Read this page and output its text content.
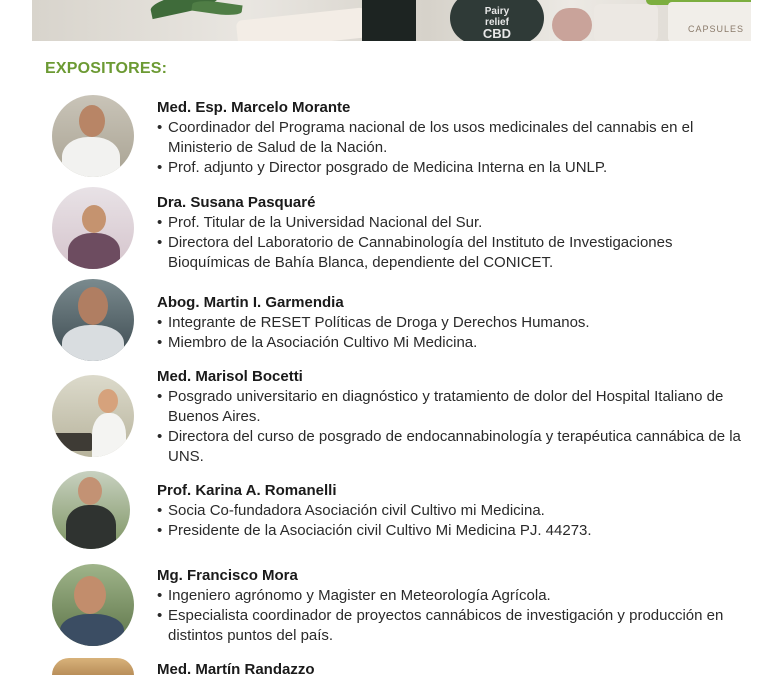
Pairy
relief
CBD	CAPSULES
EXPOSITORES:

Med. Esp. Marcelo Morante

• Coordinador del Programa nacional de los usos medicinales del cannabis en el Ministerio de Salud de la Nación.
• Prof. adjunto y Director posgrado de Medicina Interna en la UNLP.

Dra. Susana Pasquaré

• Prof. Titular de la Universidad Nacional del Sur.
• Directora del Laboratorio de Cannabinología del Instituto de Investigaciones Bioquímicas de Bahía Blanca, dependiente del CONICET.

Abog. Martin I. Garmendia

• Integrante de RESET Políticas de Droga y Derechos Humanos.
• Miembro de la Asociación Cultivo Mi Medicina.

Med. Marisol Bocetti

• Posgrado universitario en diagnóstico y tratamiento de dolor del Hospital Italiano de Buenos Aires.
• Directora del curso de posgrado de endocannabinología y terapéutica cannábica de la UNS.

Prof. Karina A. Romanelli

• Socia Co-fundadora Asociación civil Cultivo mi Medicina.
• Presidente de la Asociación civil Cultivo Mi Medicina PJ. 44273.

Mg. Francisco Mora

• Ingeniero agrónomo y Magister en Meteorología Agrícola.
• Especialista coordinador de proyectos cannábicos de investigación y producción en distintos puntos del país.

Med. Martín Randazzo
